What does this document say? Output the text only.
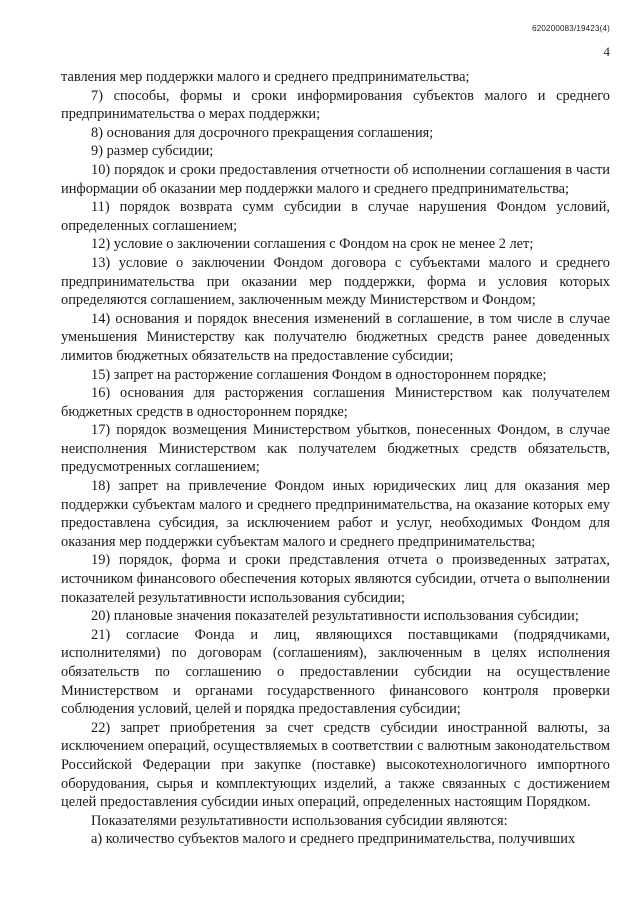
620200083/19423(4)
4

тавления мер поддержки малого и среднего предпринимательства;

7) способы, формы и сроки информирования субъектов малого и среднего предпринимательства о мерах поддержки;

8) основания для досрочного прекращения соглашения;

9) размер субсидии;

10) порядок и сроки предоставления отчетности об исполнении соглашения в части информации об оказании мер поддержки малого и среднего предпринимательства;

11) порядок возврата сумм субсидии в случае нарушения Фондом условий, определенных соглашением;

12) условие о заключении соглашения с Фондом на срок не менее 2 лет;

13) условие о заключении Фондом договора с субъектами малого и среднего предпринимательства при оказании мер поддержки, форма и условия которых определяются соглашением, заключенным между Министерством и Фондом;

14) основания и порядок внесения изменений в соглашение, в том числе в случае уменьшения Министерству как получателю бюджетных средств ранее доведенных лимитов бюджетных обязательств на предоставление субсидии;

15) запрет на расторжение соглашения Фондом в одностороннем порядке;

16) основания для расторжения соглашения Министерством как получателем бюджетных средств в одностороннем порядке;

17) порядок возмещения Министерством убытков, понесенных Фондом, в случае неисполнения Министерством как получателем бюджетных средств обязательств, предусмотренных соглашением;

18) запрет на привлечение Фондом иных юридических лиц для оказания мер поддержки субъектам малого и среднего предпринимательства, на оказание которых ему предоставлена субсидия, за исключением работ и услуг, необходимых Фондом для оказания мер поддержки субъектам малого и среднего предпринимательства;

19) порядок, форма и сроки представления отчета о произведенных затратах, источником финансового обеспечения которых являются субсидии, отчета о выполнении показателей результативности использования субсидии;

20) плановые значения показателей результативности использования субсидии;

21) согласие Фонда и лиц, являющихся поставщиками (подрядчиками, исполнителями) по договорам (соглашениям), заключенным в целях исполнения обязательств по соглашению о предоставлении субсидии на осуществление Министерством и органами государственного финансового контроля проверки соблюдения условий, целей и порядка предоставления субсидии;

22) запрет приобретения за счет средств субсидии иностранной валюты, за исключением операций, осуществляемых в соответствии с валютным законодательством Российской Федерации при закупке (поставке) высокотехнологичного импортного оборудования, сырья и комплектующих изделий, а также связанных с достижением целей предоставления субсидии иных операций, определенных настоящим Порядком.

Показателями результативности использования субсидии являются:

а) количество субъектов малого и среднего предпринимательства, получивших
